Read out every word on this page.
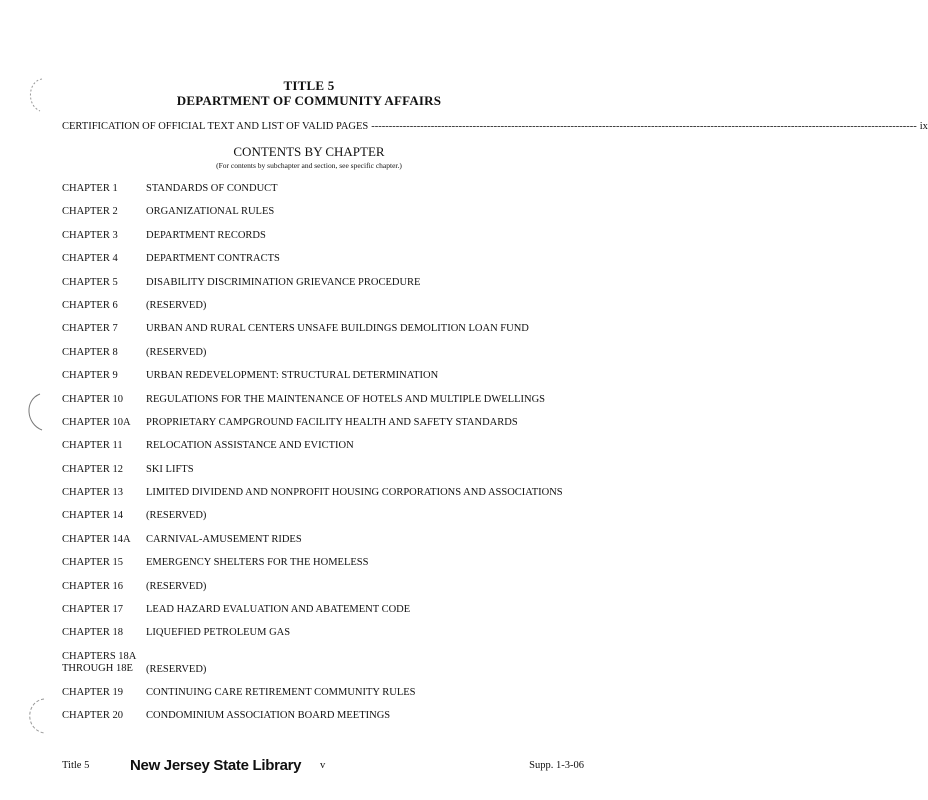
TITLE 5
DEPARTMENT OF COMMUNITY AFFAIRS
CERTIFICATION OF OFFICIAL TEXT AND LIST OF VALID PAGES ------------------------------------------------------------------------------------------------------------------------------------------------------------ ix
CONTENTS BY CHAPTER
(For contents by subchapter and section, see specific chapter.)
CHAPTER 1	STANDARDS OF CONDUCT
CHAPTER 2	ORGANIZATIONAL RULES
CHAPTER 3	DEPARTMENT RECORDS
CHAPTER 4	DEPARTMENT CONTRACTS
CHAPTER 5	DISABILITY DISCRIMINATION GRIEVANCE PROCEDURE
CHAPTER 6	(RESERVED)
CHAPTER 7	URBAN AND RURAL CENTERS UNSAFE BUILDINGS DEMOLITION LOAN FUND
CHAPTER 8	(RESERVED)
CHAPTER 9	URBAN REDEVELOPMENT: STRUCTURAL DETERMINATION
CHAPTER 10	REGULATIONS FOR THE MAINTENANCE OF HOTELS AND MULTIPLE DWELLINGS
CHAPTER 10A	PROPRIETARY CAMPGROUND FACILITY HEALTH AND SAFETY STANDARDS
CHAPTER 11	RELOCATION ASSISTANCE AND EVICTION
CHAPTER 12	SKI LIFTS
CHAPTER 13	LIMITED DIVIDEND AND NONPROFIT HOUSING CORPORATIONS AND ASSOCIATIONS
CHAPTER 14	(RESERVED)
CHAPTER 14A	CARNIVAL-AMUSEMENT RIDES
CHAPTER 15	EMERGENCY SHELTERS FOR THE HOMELESS
CHAPTER 16	(RESERVED)
CHAPTER 17	LEAD HAZARD EVALUATION AND ABATEMENT CODE
CHAPTER 18	LIQUEFIED PETROLEUM GAS
CHAPTERS 18A
THROUGH 18E	(RESERVED)
CHAPTER 19	CONTINUING CARE RETIREMENT COMMUNITY RULES
CHAPTER 20	CONDOMINIUM ASSOCIATION BOARD MEETINGS
Title 5	New Jersey State Library v	Supp. 1-3-06
